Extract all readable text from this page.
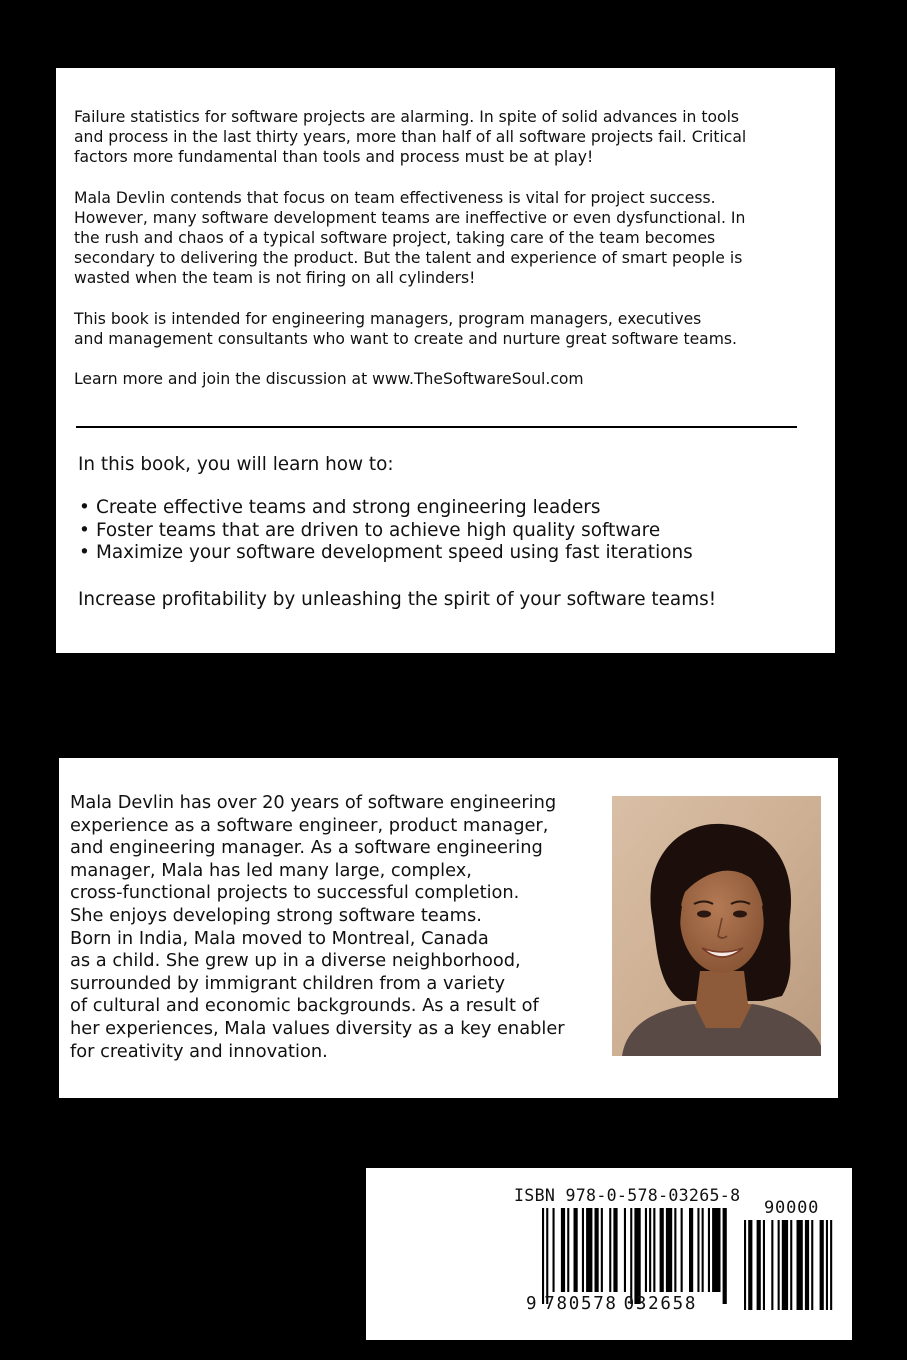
Failure statistics for software projects are alarming. In spite of solid advances in tools
and process in the last thirty years, more than half of all software projects fail. Critical
factors more fundamental than tools and process must be at play!

Mala Devlin contends that focus on team effectiveness is vital for project success.
However, many software development teams are ineffective or even dysfunctional. In
the rush and chaos of a typical software project, taking care of the team becomes
secondary to delivering the product. But the talent and experience of smart people is
wasted when the team is not firing on all cylinders!

This book is intended for engineering managers, program managers, executives
and management consultants who want to create and nurture great software teams.

Learn more and join the discussion at www.TheSoftwareSoul.com

In this book, you will learn how to:

• Create effective teams and strong engineering leaders
• Foster teams that are driven to achieve high quality software
• Maximize your software development speed using fast iterations

Increase profitability by unleashing the spirit of your software teams!

Mala Devlin has over 20 years of software engineering
experience as a software engineer, product manager,
and engineering manager. As a software engineering
manager, Mala has led many large, complex,
cross-functional projects to successful completion.
She enjoys developing strong software teams.
Born in India, Mala moved to Montreal, Canada
as a child. She grew up in a diverse neighborhood,
surrounded by immigrant children from a variety
of cultural and economic backgrounds. As a result of
her experiences, Mala values diversity as a key enabler
for creativity and innovation.

ISBN 978-0-578-03265-8

90000

9 780578 032658
